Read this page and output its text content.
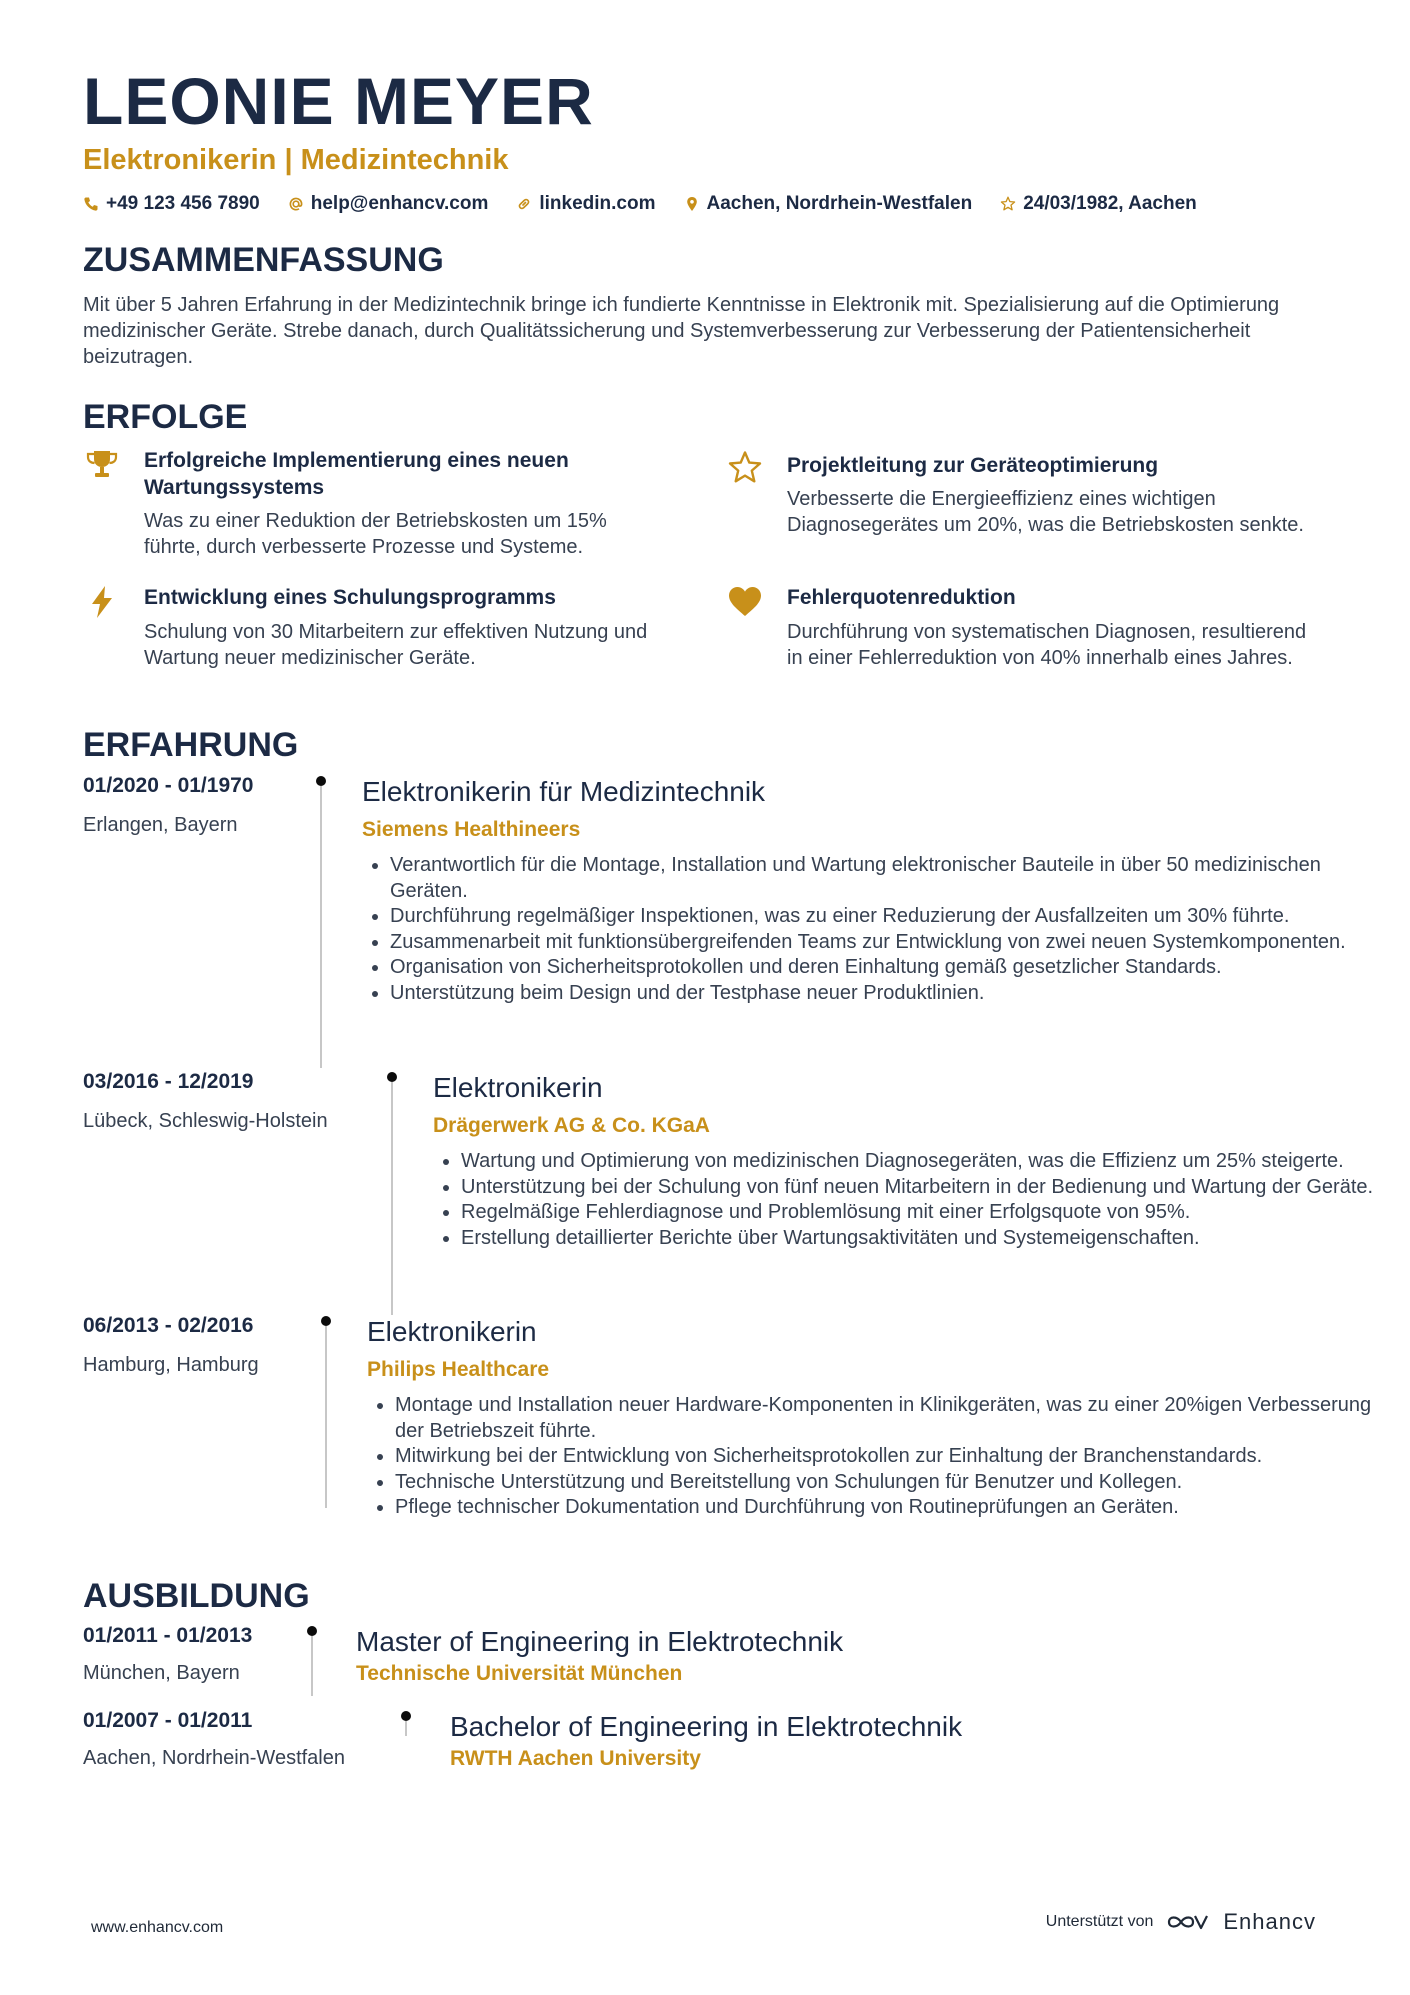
LEONIE MEYER
Elektronikerin | Medizintechnik
+49 123 456 7890	help@enhancv.com	linkedin.com	Aachen, Nordrhein-Westfalen	24/03/1982, Aachen
ZUSAMMENFASSUNG

Mit über 5 Jahren Erfahrung in der Medizintechnik bringe ich fundierte Kenntnisse in Elektronik mit. Spezialisierung auf die Optimierung medizinischer Geräte. Strebe danach, durch Qualitätssicherung und Systemverbesserung zur Verbesserung der Patientensicherheit beizutragen.

ERFOLGE
Erfolgreiche Implementierung eines neuen Wartungssystems
Was zu einer Reduktion der Betriebskosten um 15% führte, durch verbesserte Prozesse und Systeme.
Projektleitung zur Geräteoptimierung
Verbesserte die Energieeffizienz eines wichtigen Diagnosegerätes um 20%, was die Betriebskosten senkte.
Entwicklung eines Schulungsprogramms
Schulung von 30 Mitarbeitern zur effektiven Nutzung und Wartung neuer medizinischer Geräte.
Fehlerquotenreduktion
Durchführung von systematischen Diagnosen, resultierend in einer Fehlerreduktion von 40% innerhalb eines Jahres.
ERFAHRUNG
01/2020 - 01/1970
Erlangen, Bayern
Elektronikerin für Medizintechnik
Siemens Healthineers
• Verantwortlich für die Montage, Installation und Wartung elektronischer Bauteile in über 50 medizinischen Geräten.
• Durchführung regelmäßiger Inspektionen, was zu einer Reduzierung der Ausfallzeiten um 30% führte.
• Zusammenarbeit mit funktionsübergreifenden Teams zur Entwicklung von zwei neuen Systemkomponenten.
• Organisation von Sicherheitsprotokollen und deren Einhaltung gemäß gesetzlicher Standards.
• Unterstützung beim Design und der Testphase neuer Produktlinien.
03/2016 - 12/2019
Lübeck, Schleswig-Holstein
Elektronikerin
Drägerwerk AG & Co. KGaA
• Wartung und Optimierung von medizinischen Diagnosegeräten, was die Effizienz um 25% steigerte.
• Unterstützung bei der Schulung von fünf neuen Mitarbeitern in der Bedienung und Wartung der Geräte.
• Regelmäßige Fehlerdiagnose und Problemlösung mit einer Erfolgsquote von 95%.
• Erstellung detaillierter Berichte über Wartungsaktivitäten und Systemeigenschaften.
06/2013 - 02/2016
Hamburg, Hamburg
Elektronikerin
Philips Healthcare
• Montage und Installation neuer Hardware-Komponenten in Klinikgeräten, was zu einer 20%igen Verbesserung der Betriebszeit führte.
• Mitwirkung bei der Entwicklung von Sicherheitsprotokollen zur Einhaltung der Branchenstandards.
• Technische Unterstützung und Bereitstellung von Schulungen für Benutzer und Kollegen.
• Pflege technischer Dokumentation und Durchführung von Routineprüfungen an Geräten.
AUSBILDUNG
01/2011 - 01/2013
München, Bayern
Master of Engineering in Elektrotechnik
Technische Universität München
01/2007 - 01/2011
Aachen, Nordrhein-Westfalen
Bachelor of Engineering in Elektrotechnik
RWTH Aachen University
www.enhancv.com	Unterstützt von	Enhancv
